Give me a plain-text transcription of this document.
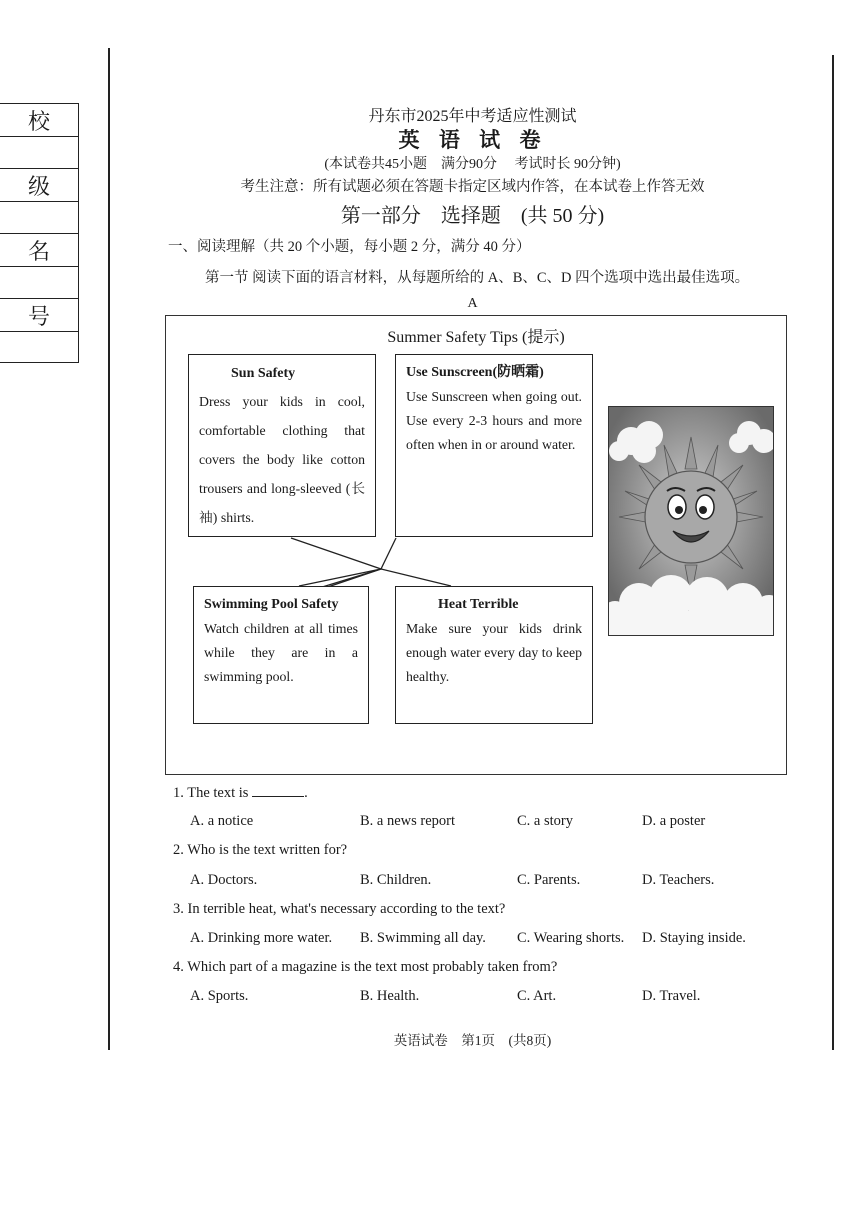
校
级
名
号
丹东市2025年中考适应性测试
英 语 试 卷
(本试卷共45小题　满分90分　 考试时长 90分钟)
考生注意：所有试题必须在答题卡指定区域内作答，在本试卷上作答无效
第一部分　选择题　(共 50 分)
一、阅读理解（共 20 个小题，每小题 2 分，满分 40 分）
第一节 阅读下面的语言材料，从每题所给的 A、B、C、D 四个选项中选出最佳选项。
A
Summer Safety Tips (提示)
Sun Safety
Dress your kids in cool, comfortable clothing that covers the body like cotton trousers and long-sleeved (长袖) shirts.
Use Sunscreen(防晒霜)
Use Sunscreen when going out. Use every 2-3 hours and more often when in or around water.
Swimming Pool Safety
Watch children at all times while they are in a swimming pool.
Heat Terrible
Make sure your kids drink enough water every day to keep healthy.
1. The text is	.
A. a notice	B. a news report	C. a story	D. a poster
2. Who is the text written for?
A. Doctors.	B. Children.	C. Parents.	D. Teachers.
3. In terrible heat, what's necessary according to the text?
A. Drinking more water. B. Swimming all day. C. Wearing shorts. D. Staying inside.
4. Which part of a magazine is the text most probably taken from?
A. Sports.	B. Health.	C. Art.	D. Travel.
英语试卷　第1页　(共8页)
